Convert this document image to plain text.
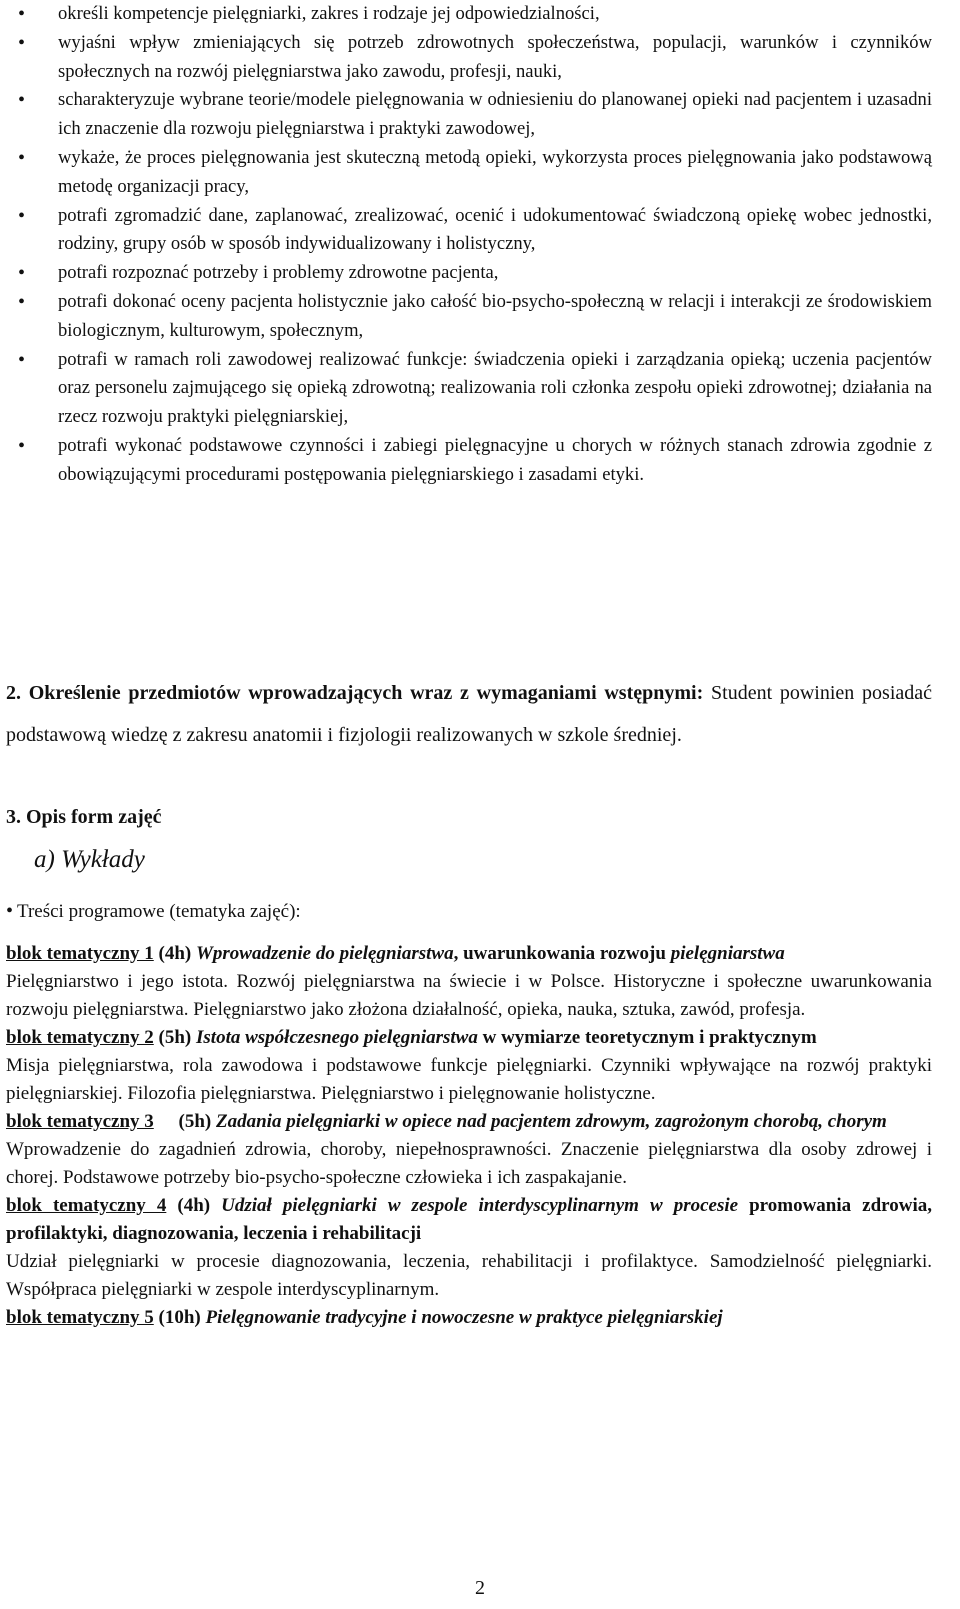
• określi kompetencje pielęgniarki, zakres i rodzaje jej odpowiedzialności,
• wyjaśni wpływ zmieniających się potrzeb zdrowotnych społeczeństwa, populacji, warunków i czynników społecznych na rozwój pielęgniarstwa jako zawodu, profesji, nauki,
• scharakteryzuje wybrane teorie/modele pielęgnowania w odniesieniu do planowanej opieki nad pacjentem i uzasadni ich znaczenie dla rozwoju pielęgniarstwa i praktyki zawodowej,
• wykaże, że proces pielęgnowania jest skuteczną metodą opieki, wykorzysta proces pielęgnowania jako podstawową metodę organizacji pracy,
• potrafi zgromadzić dane, zaplanować, zrealizować, ocenić i udokumentować świadczoną opiekę wobec jednostki, rodziny, grupy osób w sposób indywidualizowany i holistyczny,
• potrafi rozpoznać potrzeby i problemy zdrowotne pacjenta,
• potrafi dokonać oceny pacjenta holistycznie jako całość bio-psycho-społeczną w relacji i interakcji ze środowiskiem biologicznym, kulturowym, społecznym,
• potrafi w ramach roli zawodowej realizować funkcje: świadczenia opieki i zarządzania opieką; uczenia pacjentów oraz personelu zajmującego się opieką zdrowotną; realizowania roli członka zespołu opieki zdrowotnej; działania na rzecz rozwoju praktyki pielęgniarskiej,
• potrafi wykonać podstawowe czynności i zabiegi pielęgnacyjne u chorych w różnych stanach zdrowia zgodnie z obowiązującymi procedurami postępowania pielęgniarskiego i zasadami etyki.

2. Określenie przedmiotów wprowadzających wraz z wymaganiami wstępnymi: Student powinien posiadać podstawową wiedzę z zakresu anatomii i fizjologii realizowanych w szkole średniej.

3. Opis form zajęć
a) Wykłady
• Treści programowe (tematyka zajęć):
blok tematyczny 1 (4h) Wprowadzenie do pielęgniarstwa, uwarunkowania rozwoju pielęgniarstwa
Pielęgniarstwo i jego istota. Rozwój pielęgniarstwa na świecie i w Polsce. Historyczne i społeczne uwarunkowania rozwoju pielęgniarstwa. Pielęgniarstwo jako złożona działalność, opieka, nauka, sztuka, zawód, profesja.
blok tematyczny 2 (5h) Istota współczesnego pielęgniarstwa w wymiarze teoretycznym i praktycznym
Misja pielęgniarstwa, rola zawodowa i podstawowe funkcje pielęgniarki. Czynniki wpływające na rozwój praktyki pielęgniarskiej. Filozofia pielęgniarstwa. Pielęgniarstwo i pielęgnowanie holistyczne.
blok tematyczny 3 (5h) Zadania pielęgniarki w opiece nad pacjentem zdrowym, zagrożonym chorobą, chorym
Wprowadzenie do zagadnień zdrowia, choroby, niepełnosprawności. Znaczenie pielęgniarstwa dla osoby zdrowej i chorej. Podstawowe potrzeby bio-psycho-społeczne człowieka i ich zaspakajanie.
blok tematyczny 4 (4h) Udział pielęgniarki w zespole interdyscyplinarnym w procesie promowania zdrowia, profilaktyki, diagnozowania, leczenia i rehabilitacji
Udział pielęgniarki w procesie diagnozowania, leczenia, rehabilitacji i profilaktyce. Samodzielność pielęgniarki. Współpraca pielęgniarki w zespole interdyscyplinarnym.
blok tematyczny 5 (10h) Pielęgnowanie tradycyjne i nowoczesne w praktyce pielęgniarskiej
2
